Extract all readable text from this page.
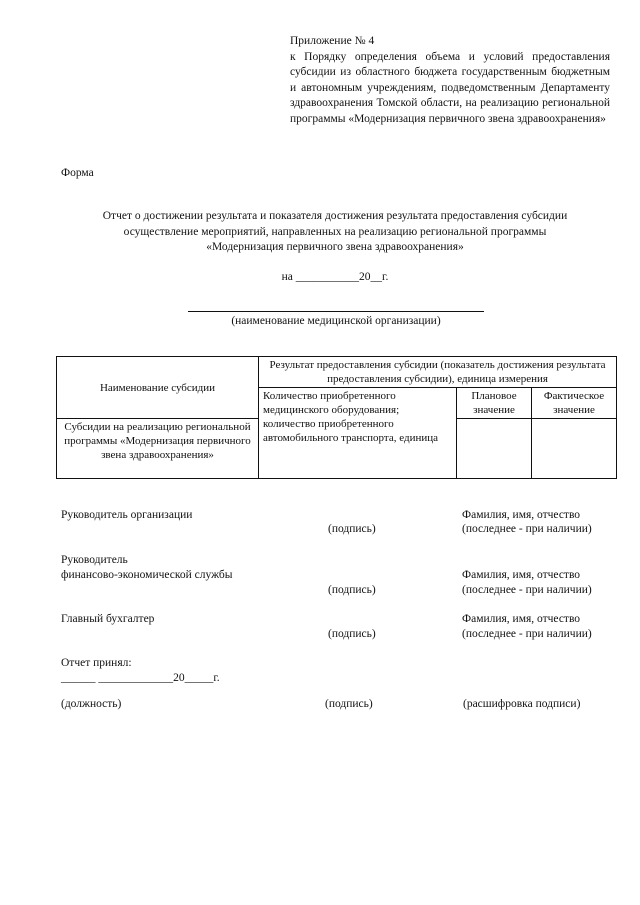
Приложение № 4
к Порядку определения объема и условий предоставления субсидии из областного бюджета государственным бюджетным и автономным учреждениям, подведомственным Департаменту здравоохранения Томской области, на реализацию региональной программы «Модернизация первичного звена здравоохранения»
Форма
Отчет о достижении результата и показателя достижения результата предоставления субсидии
осуществление мероприятий, направленных на реализацию региональной программы
«Модернизация первичного звена здравоохранения»
на ___________20__г.
(наименование медицинской организации)
Наименование субсидии	Результат предоставления субсидии (показатель достижения результата предоставления субсидии), единица измерения		
	Количество приобретенного медицинского оборудования; количество приобретенного автомобильного транспорта, единица	Плановое значение	Фактическое значение
Субсидии на реализацию региональной программы «Модернизация первичного звена здравоохранения»			
Руководитель организации
(подпись)
Фамилия, имя, отчество
(последнее - при наличии)
Руководитель
финансово-экономической службы
(подпись)
Фамилия, имя, отчество
(последнее - при наличии)
Главный бухгалтер
(подпись)
Фамилия, имя, отчество
(последнее - при наличии)
Отчет принял:
______ _____________20_____г.
(должность)	(подпись)	(расшифровка подписи)
